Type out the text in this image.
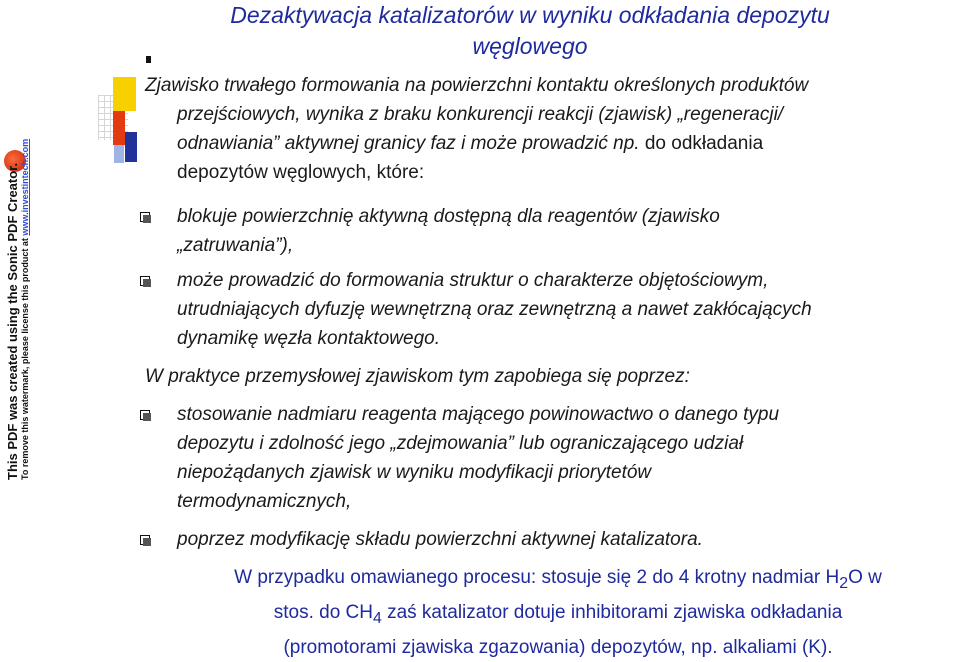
Dezaktywacja katalizatorów w wyniku odkładania depozytu
węglowego
This PDF was created using the Sonic PDF Creator. To remove this watermark, please license this product at www.investintech.com
Zjawisko trwałego formowania na powierzchni kontaktu określonych produktów
przejściowych, wynika z braku konkurencji reakcji (zjawisk) „regeneracji/
odnawiania” aktywnej granicy faz i może prowadzić np. do odkładania
depozytów węglowych, które:
blokuje powierzchnię aktywną dostępną dla reagentów (zjawisko
„zatruwania”),
może prowadzić do formowania struktur o charakterze objętościowym,
utrudniających dyfuzję wewnętrzną oraz zewnętrzną a nawet zakłócających
dynamikę węzła kontaktowego.
W praktyce przemysłowej zjawiskom tym zapobiega się poprzez:
stosowanie nadmiaru reagenta mającego powinowactwo o danego typu
depozytu i zdolność jego „zdejmowania” lub ograniczającego udział
niepożądanych zjawisk w wyniku modyfikacji priorytetów
termodynamicznych,
poprzez modyfikację składu powierzchni aktywnej katalizatora.
W przypadku omawianego procesu: stosuje się 2 do 4 krotny nadmiar $H_2O$ w
stos. do $CH_4$ zaś katalizator dotuje inhibitorami zjawiska odkładania
(promotorami zjawiska zgazowania) depozytów, np. alkaliami (K).
